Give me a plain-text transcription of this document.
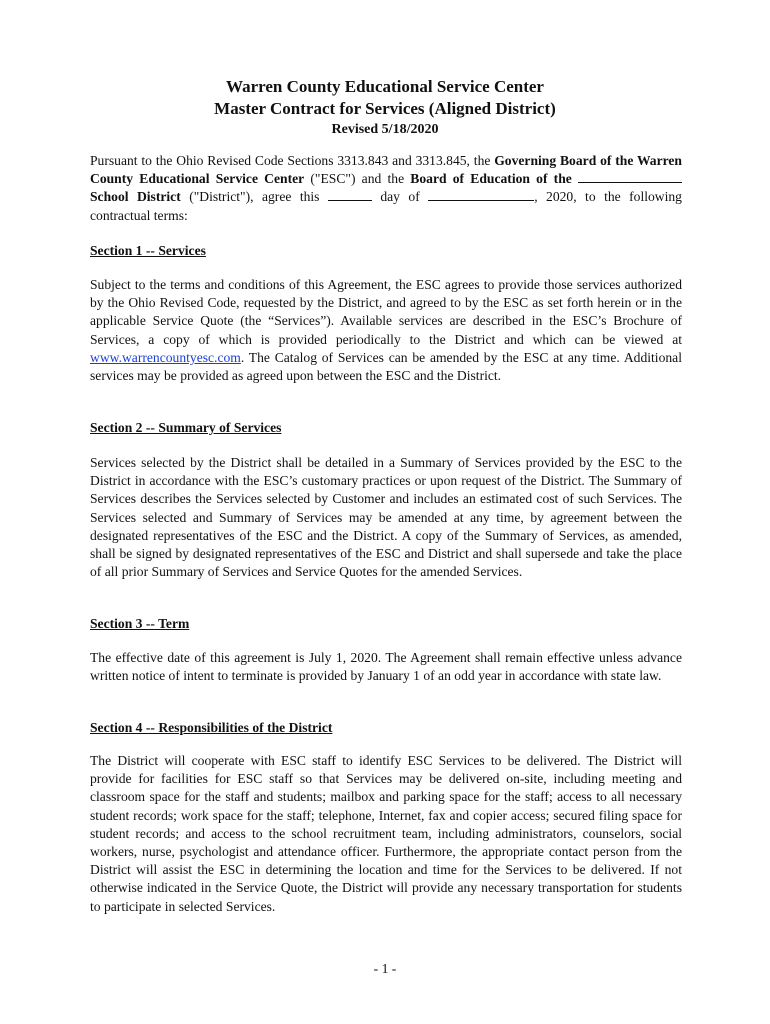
Warren County Educational Service Center

Master Contract for Services (Aligned District)

Revised 5/18/2020

Pursuant to the Ohio Revised Code Sections 3313.843 and 3313.845, the Governing Board of the Warren County Educational Service Center ("ESC") and the Board of Education of the  School District ("District"), agree this	day of	, 2020, to the following contractual terms:

Section 1 -- Services

Subject to the terms and conditions of this Agreement, the ESC agrees to provide those services authorized by the Ohio Revised Code, requested by the District, and agreed to by the ESC as set forth herein or in the applicable Service Quote (the “Services”). Available services are described in the ESC’s Brochure of Services, a copy of which is provided periodically to the District and which can be viewed at www.warrencountyesc.com. The Catalog of Services can be amended by the ESC at any time. Additional services may be provided as agreed upon between the ESC and the District.

Section 2 -- Summary of Services

Services selected by the District shall be detailed in a Summary of Services provided by the ESC to the District in accordance with the ESC’s customary practices or upon request of the District. The Summary of Services describes the Services selected by Customer and includes an estimated cost of such Services. The Services selected and Summary of Services may be amended at any time, by agreement between the designated representatives of the ESC and the District. A copy of the Summary of Services, as amended, shall be signed by designated representatives of the ESC and District and shall supersede and take the place of all prior Summary of Services and Service Quotes for the amended Services.

Section 3 -- Term

The effective date of this agreement is July 1, 2020. The Agreement shall remain effective unless advance written notice of intent to terminate is provided by January 1 of an odd year in accordance with state law.

Section 4 -- Responsibilities of the District

The District will cooperate with ESC staff to identify ESC Services to be delivered. The District will provide for facilities for ESC staff so that Services may be delivered on-site, including meeting and classroom space for the staff and students; mailbox and parking space for the staff; access to all necessary student records; work space for the staff; telephone, Internet, fax and copier access; secured filing space for student records; and access to the school recruitment team, including administrators, counselors, social workers, nurse, psychologist and attendance officer. Furthermore, the appropriate contact person from the District will assist the ESC in determining the location and time for the Services to be delivered. If not otherwise indicated in the Service Quote, the District will provide any necessary transportation for students to participate in selected Services.

- 1 -
